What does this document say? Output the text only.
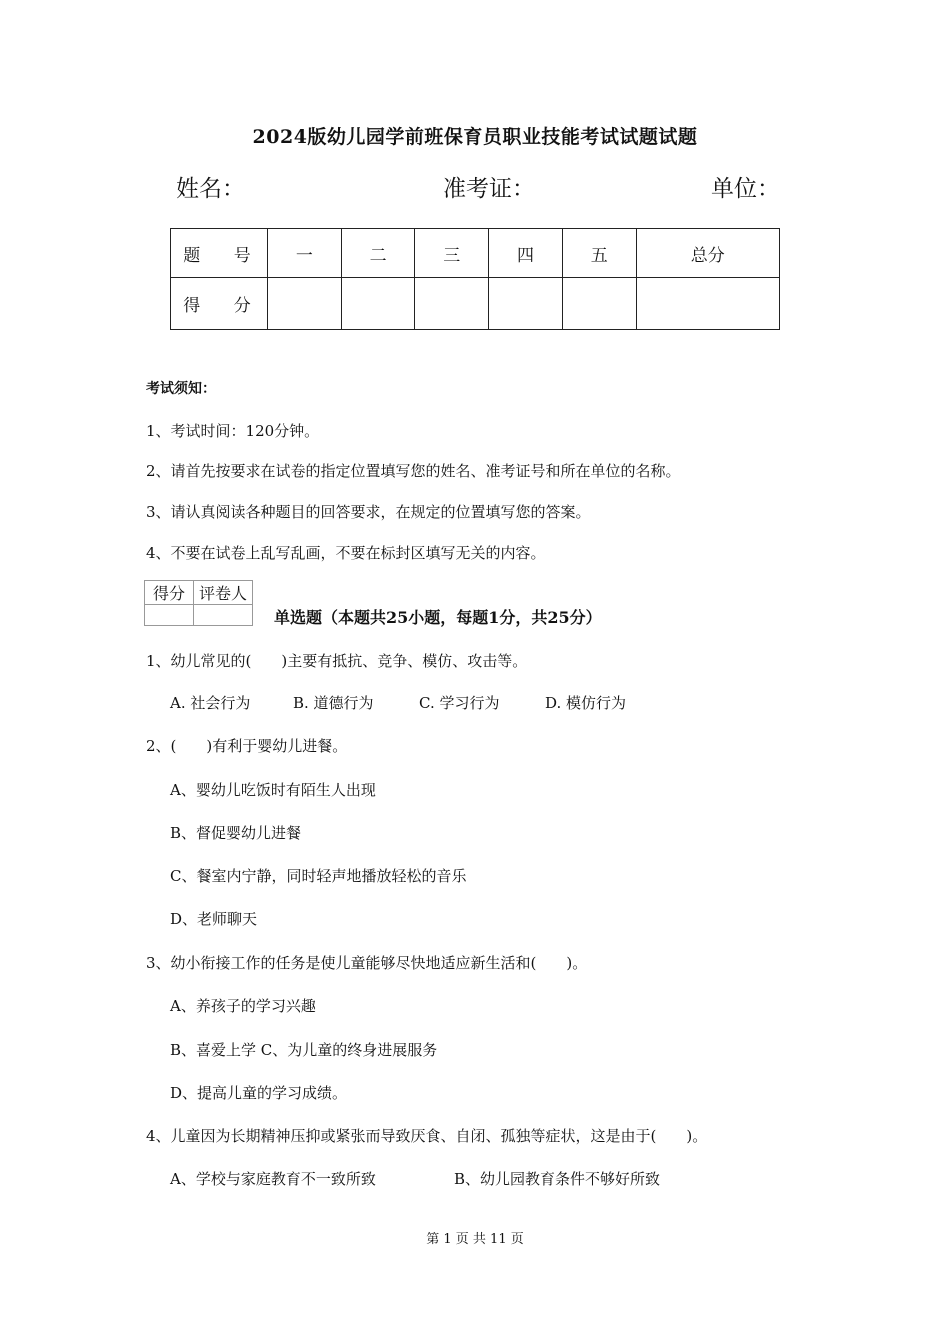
2024版幼儿园学前班保育员职业技能考试试题试题
姓名：	准考证：	单位：
题 号	一	二	三	四	五	总分
得 分						
考试须知：
1、考试时间：120分钟。
2、请首先按要求在试卷的指定位置填写您的姓名、准考证号和所在单位的名称。
3、请认真阅读各种题目的回答要求，在规定的位置填写您的答案。
4、不要在试卷上乱写乱画，不要在标封区填写无关的内容。
得分	评卷人

单选题（本题共25小题，每题1分，共25分）
1、幼儿常见的(　　)主要有抵抗、竞争、模仿、攻击等。
A. 社会行为	B. 道德行为	C. 学习行为	D. 模仿行为
2、(　　)有利于婴幼儿进餐。
A、婴幼儿吃饭时有陌生人出现
B、督促婴幼儿进餐
C、餐室内宁静，同时轻声地播放轻松的音乐
D、老师聊天
3、幼小衔接工作的任务是使儿童能够尽快地适应新生活和(　　)。
A、养孩子的学习兴趣
B、喜爱上学 C、为儿童的终身进展服务
D、提高儿童的学习成绩。
4、儿童因为长期精神压抑或紧张而导致厌食、自闭、孤独等症状，这是由于(　　)。
A、学校与家庭教育不一致所致	B、幼儿园教育条件不够好所致
第 1 页 共 11 页
